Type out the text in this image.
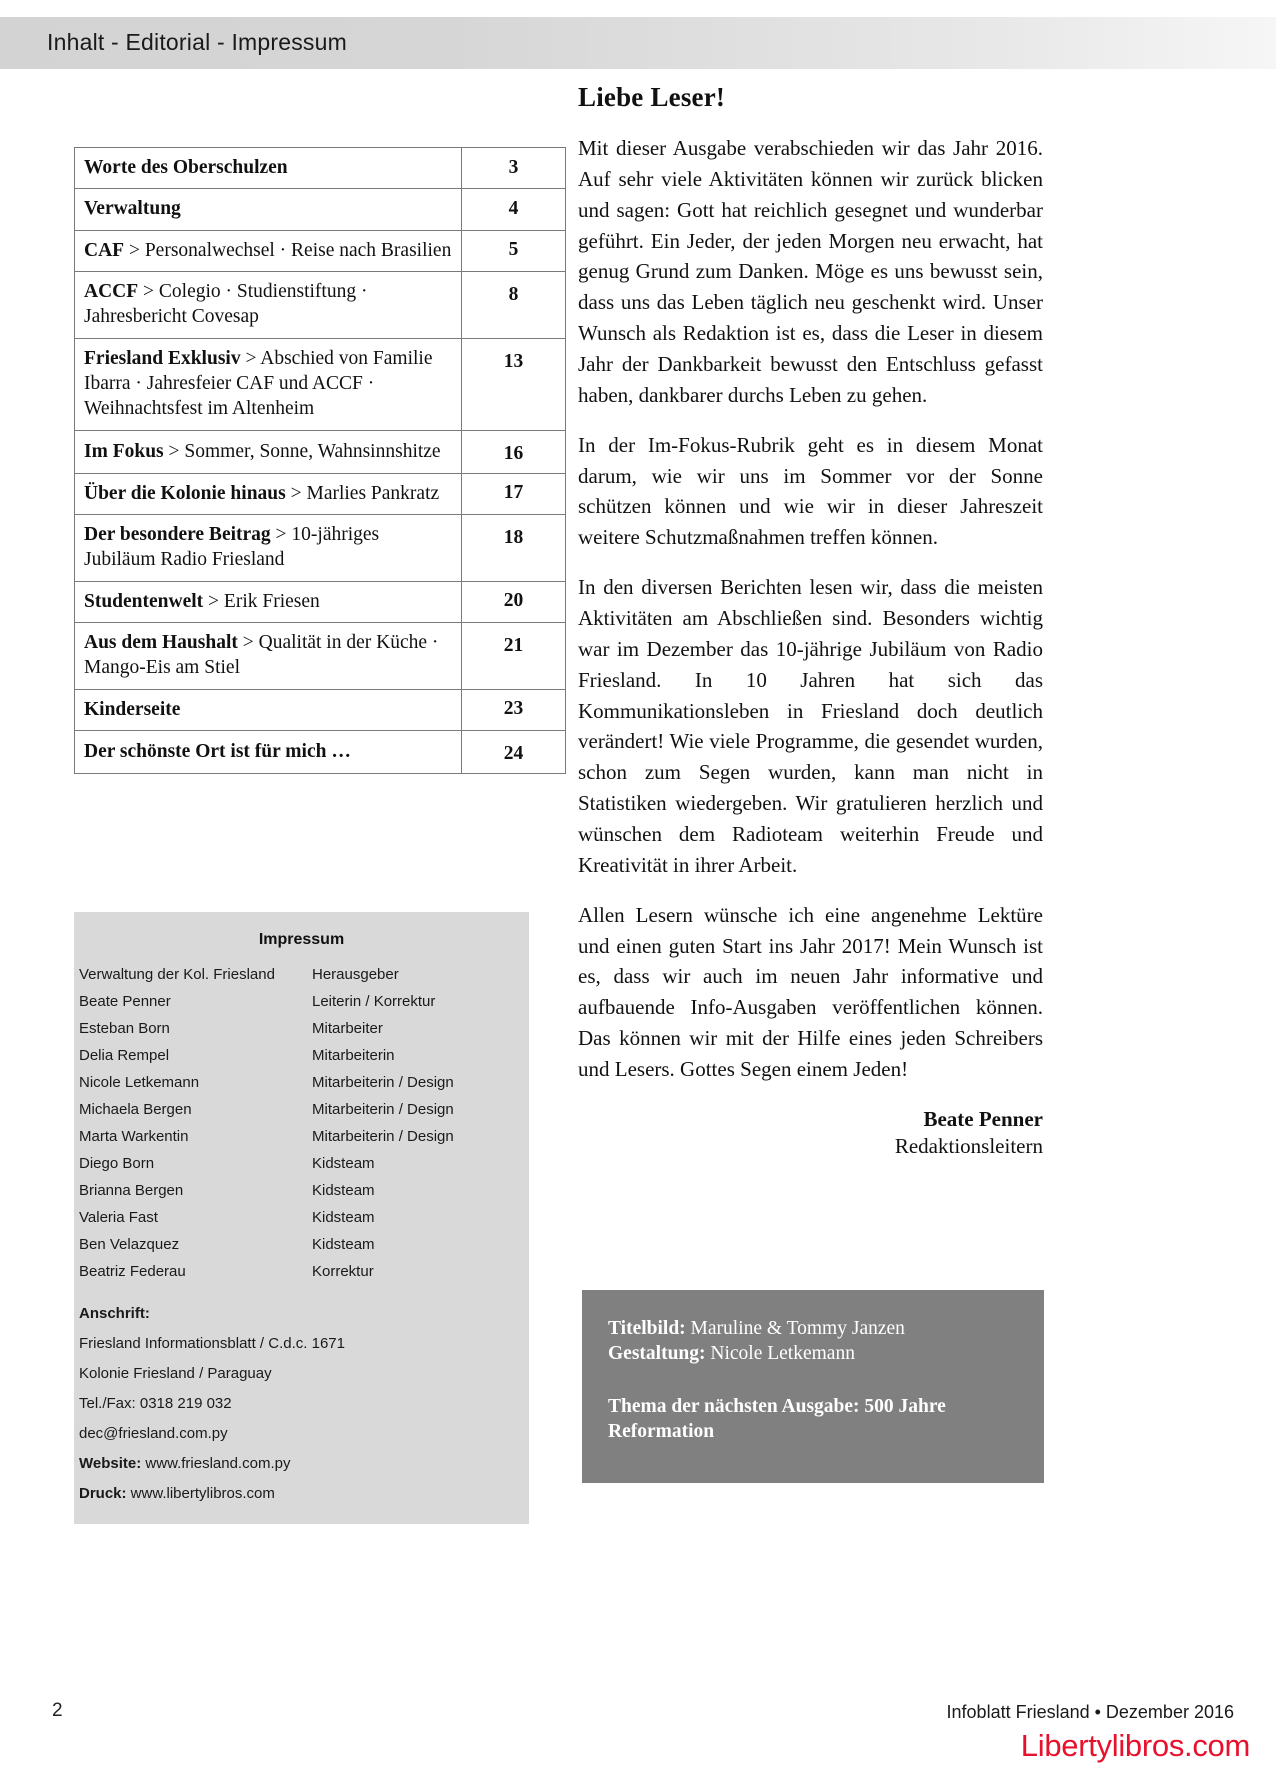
Inhalt - Editorial - Impressum
Worte des Oberschulzen	3
Verwaltung	4
CAF > Personalwechsel · Reise nach Brasilien	5
ACCF > Colegio · Studienstiftung · Jahresbericht Covesap	8
Friesland Exklusiv > Abschied von Familie Ibarra · Jahresfeier CAF und ACCF · Weihnachtsfest im Altenheim	13
Im Fokus > Sommer, Sonne, Wahnsinnshitze	16
Über die Kolonie hinaus > Marlies Pankratz	17
Der besondere Beitrag > 10-jähriges Jubiläum Radio Friesland	18
Studentenwelt > Erik Friesen	20
Aus dem Haushalt > Qualität in der Küche · Mango-Eis am Stiel	21
Kinderseite	23
Der schönste Ort ist für mich …	24
Impressum
Verwaltung der Kol. Friesland	Herausgeber
Beate Penner	Leiterin / Korrektur
Esteban Born	Mitarbeiter
Delia Rempel	Mitarbeiterin
Nicole Letkemann	Mitarbeiterin / Design
Michaela Bergen	Mitarbeiterin / Design
Marta Warkentin	Mitarbeiterin / Design
Diego Born	Kidsteam
Brianna Bergen	Kidsteam
Valeria Fast	Kidsteam
Ben Velazquez	Kidsteam
Beatriz Federau	Korrektur
Anschrift:
Friesland Informationsblatt / C.d.c. 1671
Kolonie Friesland / Paraguay
Tel./Fax: 0318 219 032
dec@friesland.com.py
Website: www.friesland.com.py
Druck: www.libertylibros.com
Liebe Leser!
Mit dieser Ausgabe verabschieden wir das Jahr 2016. Auf sehr viele Aktivitäten können wir zurück blicken und sagen: Gott hat reichlich gesegnet und wunderbar geführt. Ein Jeder, der jeden Morgen neu erwacht, hat genug Grund zum Danken. Möge es uns bewusst sein, dass uns das Leben täglich neu geschenkt wird. Unser Wunsch als Redaktion ist es, dass die Leser in diesem Jahr der Dankbarkeit bewusst den Entschluss gefasst haben, dankbarer durchs Leben zu gehen.
In der Im-Fokus-Rubrik geht es in diesem Monat darum, wie wir uns im Sommer vor der Sonne schützen können und wie wir in dieser Jahreszeit weitere Schutzmaßnahmen treffen können.
In den diversen Berichten lesen wir, dass die meisten Aktivitäten am Abschließen sind. Besonders wichtig war im Dezember das 10-jährige Jubiläum von Radio Friesland. In 10 Jahren hat sich das Kommunikationsleben in Friesland doch deutlich verändert! Wie viele Programme, die gesendet wurden, schon zum Segen wurden, kann man nicht in Statistiken wiedergeben. Wir gratulieren herzlich und wünschen dem Radioteam weiterhin Freude und Kreativität in ihrer Arbeit.
Allen Lesern wünsche ich eine angenehme Lektüre und einen guten Start ins Jahr 2017! Mein Wunsch ist es, dass wir auch im neuen Jahr informative und aufbauende Info-Ausgaben veröffentlichen können. Das können wir mit der Hilfe eines jeden Schreibers und Lesers. Gottes Segen einem Jeden!
Beate Penner
Redaktionsleitern
Titelbild: Maruline & Tommy Janzen
Gestaltung: Nicole Letkemann
Thema der nächsten Ausgabe: 500 Jahre Reformation
2	Infoblatt Friesland • Dezember 2016
Libertylibros.com
